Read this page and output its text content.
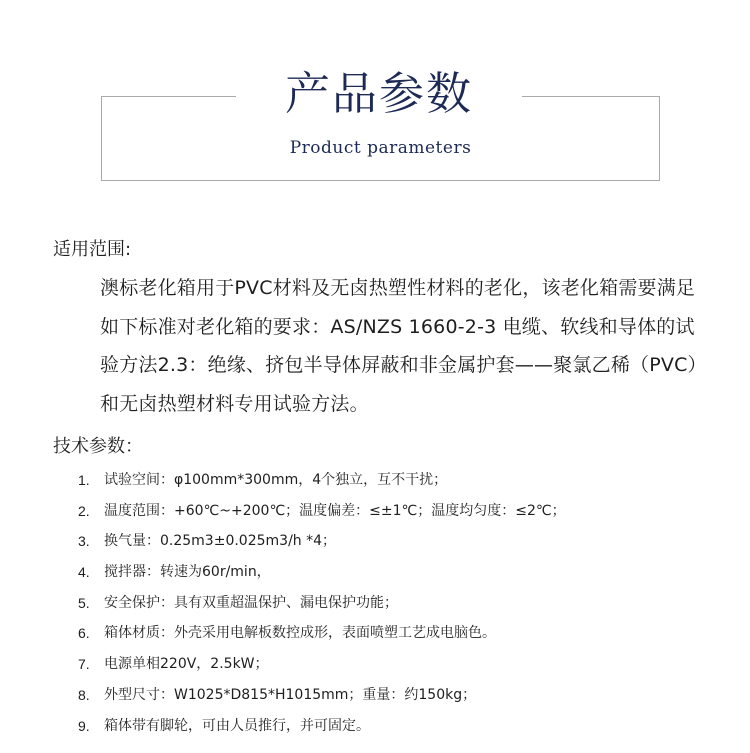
产品参数
Product parameters
适用范围:

澳标老化箱用于PVC材料及无卤热塑性材料的老化，该老化箱需要满足如下标准对老化箱的要求：AS/NZS 1660-2-3 电缆、软线和导体的试验方法2.3：绝缘、挤包半导体屏蔽和非金属护套——聚氯乙稀（PVC）和无卤热塑材料专用试验方法。

技术参数：
1. 试验空间：φ100mm*300mm，4个独立，互不干扰；
2. 温度范围：+60℃~+200℃；温度偏差：≤±1℃；温度均匀度：≤2℃；
3. 换气量：0.25m3±0.025m3/h *4；
4. 搅拌器：转速为60r/min，
5. 安全保护：具有双重超温保护、漏电保护功能；
6. 箱体材质：外壳采用电解板数控成形，表面喷塑工艺成电脑色。
7. 电源单相220V，2.5kW；
8. 外型尺寸：W1025*D815*H1015mm；重量：约150kg；
9. 箱体带有脚轮，可由人员推行，并可固定。
